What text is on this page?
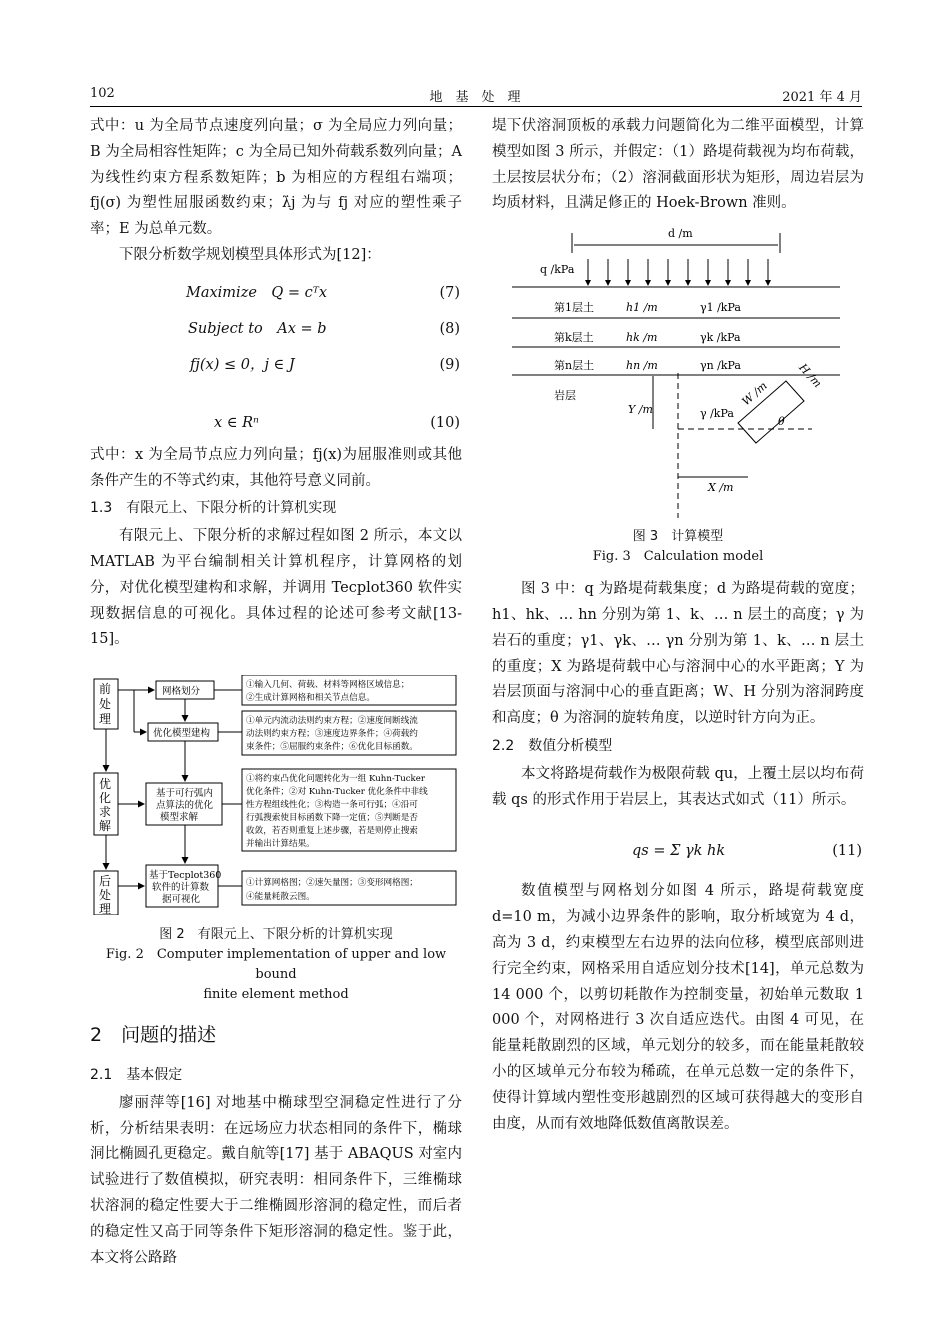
102	地　基　处　理	2021 年 4 月

式中：u 为全局节点速度列向量；σ 为全局应力列向量；B 为全局相容性矩阵；c 为全局已知外荷载系数列向量；A 为线性约束方程系数矩阵；b 为相应的方程组右端项；fj(σ) 为塑性屈服函数约束；λ̇j 为与 fj 对应的塑性乘子率；E 为总单元数。

下限分析数学规划模型具体形式为[12]：

Maximize　Q = cᵀx	(7)
Subject to　Ax = b	(8)
fj(x) ≤ 0，j ∈ J	(9)
x ∈ Rⁿ	(10)

式中：x 为全局节点应力列向量；fj(x)为屈服准则或其他条件产生的不等式约束，其他符号意义同前。

1.3　有限元上、下限分析的计算机实现

有限元上、下限分析的求解过程如图 2 所示，本文以 MATLAB 为平台编制相关计算机程序，计算网格的划分，对优化模型建构和求解，并调用 Tecplot360 软件实现数据信息的可视化。具体过程的论述可参考文献[13-15]。

前
处
理
优
化
求
解
后
处
理
网格划分
优化模型建构
基于可行弧内
点算法的优化
模型求解
基于Tecplot360
软件的计算数
据可视化
①输入几何、荷载、材料等网格区域信息；
②生成计算网格和相关节点信息。
①单元内流动法则约束方程；②速度间断线流
动法则约束方程；③速度边界条件；④荷载约
束条件；⑤屈服约束条件；⑥优化目标函数。
①将约束凸优化问题转化为一组 Kuhn-Tucker
优化条件；②对 Kuhn-Tucker 优化条件中非线
性方程组线性化；③构造一条可行弧；④沿可
行弧搜索使目标函数下降一定值；⑤判断是否
收敛，若否则重复上述步骤，若是则停止搜索
并输出计算结果。
①计算网格图；②速矢量图；③变形网格图；
④能量耗散云图。
图 2　有限元上、下限分析的计算机实现
Fig. 2　Computer implementation of upper and low bound
finite element method
2　问题的描述
2.1　基本假定

廖丽萍等[16] 对地基中椭球型空洞稳定性进行了分析，分析结果表明：在远场应力状态相同的条件下，椭球洞比椭圆孔更稳定。戴自航等[17] 基于 ABAQUS 对室内试验进行了数值模拟，研究表明：相同条件下，三维椭球状溶洞的稳定性要大于二维椭圆形溶洞的稳定性，而后者的稳定性又高于同等条件下矩形溶洞的稳定性。鉴于此，本文将公路路

堤下伏溶洞顶板的承载力问题简化为二维平面模型，计算模型如图 3 所示，并假定：（1）路堤荷载视为均布荷载，土层按层状分布；（2）溶洞截面形状为矩形，周边岩层为均质材料，且满足修正的 Hoek-Brown 准则。

d /m
q /kPa
第1层土
第k层土
第n层土
岩层
h1 /m
hk /m
hn /m
γ1 /kPa
γk /kPa
γn /kPa
γ /kPa
Y /m
X /m
W /m
H /m
θ
图 3　计算模型
Fig. 3　Calculation model

图 3 中：q 为路堤荷载集度；d 为路堤荷载的宽度；h1、hk、… hn 分别为第 1、k、… n 层土的高度；γ 为岩石的重度；γ1、γk、… γn 分别为第 1、k、… n 层土的重度；X 为路堤荷载中心与溶洞中心的水平距离；Y 为岩层顶面与溶洞中心的垂直距离；W、H 分别为溶洞跨度和高度；θ 为溶洞的旋转角度，以逆时针方向为正。

2.2　数值分析模型

本文将路堤荷载作为极限荷载 qu，上覆土层以均布荷载 qs 的形式作用于岩层上，其表达式如式（11）所示。

qs = Σ γk hk	(11)

数值模型与网格划分如图 4 所示，路堤荷载宽度 d=10 m，为减小边界条件的影响，取分析域宽为 4 d，高为 3 d，约束模型左右边界的法向位移，模型底部则进行完全约束，网格采用自适应划分技术[14]，单元总数为 14 000 个，以剪切耗散作为控制变量，初始单元数取 1 000 个，对网格进行 3 次自适应迭代。由图 4 可见，在能量耗散剧烈的区域，单元划分的较多，而在能量耗散较小的区域单元分布较为稀疏，在单元总数一定的条件下，使得计算域内塑性变形越剧烈的区域可获得越大的变形自由度，从而有效地降低数值离散误差。
